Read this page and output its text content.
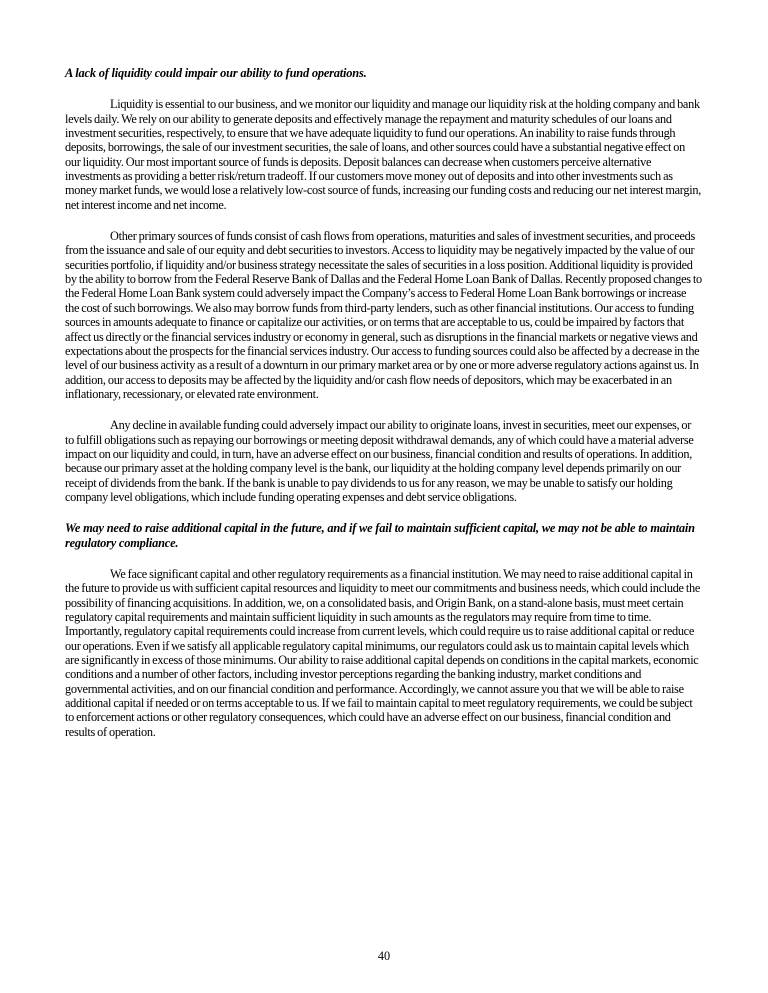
A lack of liquidity could impair our ability to fund operations.

Liquidity is essential to our business, and we monitor our liquidity and manage our liquidity risk at the holding company and bank levels daily. We rely on our ability to generate deposits and effectively manage the repayment and maturity schedules of our loans and investment securities, respectively, to ensure that we have adequate liquidity to fund our operations. An inability to raise funds through deposits, borrowings, the sale of our investment securities, the sale of loans, and other sources could have a substantial negative effect on our liquidity. Our most important source of funds is deposits. Deposit balances can decrease when customers perceive alternative investments as providing a better risk/return tradeoff. If our customers move money out of deposits and into other investments such as money market funds, we would lose a relatively low-cost source of funds, increasing our funding costs and reducing our net interest margin, net interest income and net income.

Other primary sources of funds consist of cash flows from operations, maturities and sales of investment securities, and proceeds from the issuance and sale of our equity and debt securities to investors. Access to liquidity may be negatively impacted by the value of our securities portfolio, if liquidity and/or business strategy necessitate the sales of securities in a loss position. Additional liquidity is provided by the ability to borrow from the Federal Reserve Bank of Dallas and the Federal Home Loan Bank of Dallas. Recently proposed changes to the Federal Home Loan Bank system could adversely impact the Company’s access to Federal Home Loan Bank borrowings or increase the cost of such borrowings. We also may borrow funds from third-party lenders, such as other financial institutions. Our access to funding sources in amounts adequate to finance or capitalize our activities, or on terms that are acceptable to us, could be impaired by factors that affect us directly or the financial services industry or economy in general, such as disruptions in the financial markets or negative views and expectations about the prospects for the financial services industry. Our access to funding sources could also be affected by a decrease in the level of our business activity as a result of a downturn in our primary market area or by one or more adverse regulatory actions against us. In addition, our access to deposits may be affected by the liquidity and/or cash flow needs of depositors, which may be exacerbated in an inflationary, recessionary, or elevated rate environment.

Any decline in available funding could adversely impact our ability to originate loans, invest in securities, meet our expenses, or to fulfill obligations such as repaying our borrowings or meeting deposit withdrawal demands, any of which could have a material adverse impact on our liquidity and could, in turn, have an adverse effect on our business, financial condition and results of operations. In addition, because our primary asset at the holding company level is the bank, our liquidity at the holding company level depends primarily on our receipt of dividends from the bank. If the bank is unable to pay dividends to us for any reason, we may be unable to satisfy our holding company level obligations, which include funding operating expenses and debt service obligations.

We may need to raise additional capital in the future, and if we fail to maintain sufficient capital, we may not be able to maintain regulatory compliance.

We face significant capital and other regulatory requirements as a financial institution. We may need to raise additional capital in the future to provide us with sufficient capital resources and liquidity to meet our commitments and business needs, which could include the possibility of financing acquisitions. In addition, we, on a consolidated basis, and Origin Bank, on a stand-alone basis, must meet certain regulatory capital requirements and maintain sufficient liquidity in such amounts as the regulators may require from time to time. Importantly, regulatory capital requirements could increase from current levels, which could require us to raise additional capital or reduce our operations. Even if we satisfy all applicable regulatory capital minimums, our regulators could ask us to maintain capital levels which are significantly in excess of those minimums. Our ability to raise additional capital depends on conditions in the capital markets, economic conditions and a number of other factors, including investor perceptions regarding the banking industry, market conditions and governmental activities, and on our financial condition and performance. Accordingly, we cannot assure you that we will be able to raise additional capital if needed or on terms acceptable to us. If we fail to maintain capital to meet regulatory requirements, we could be subject to enforcement actions or other regulatory consequences, which could have an adverse effect on our business, financial condition and results of operation.

40
